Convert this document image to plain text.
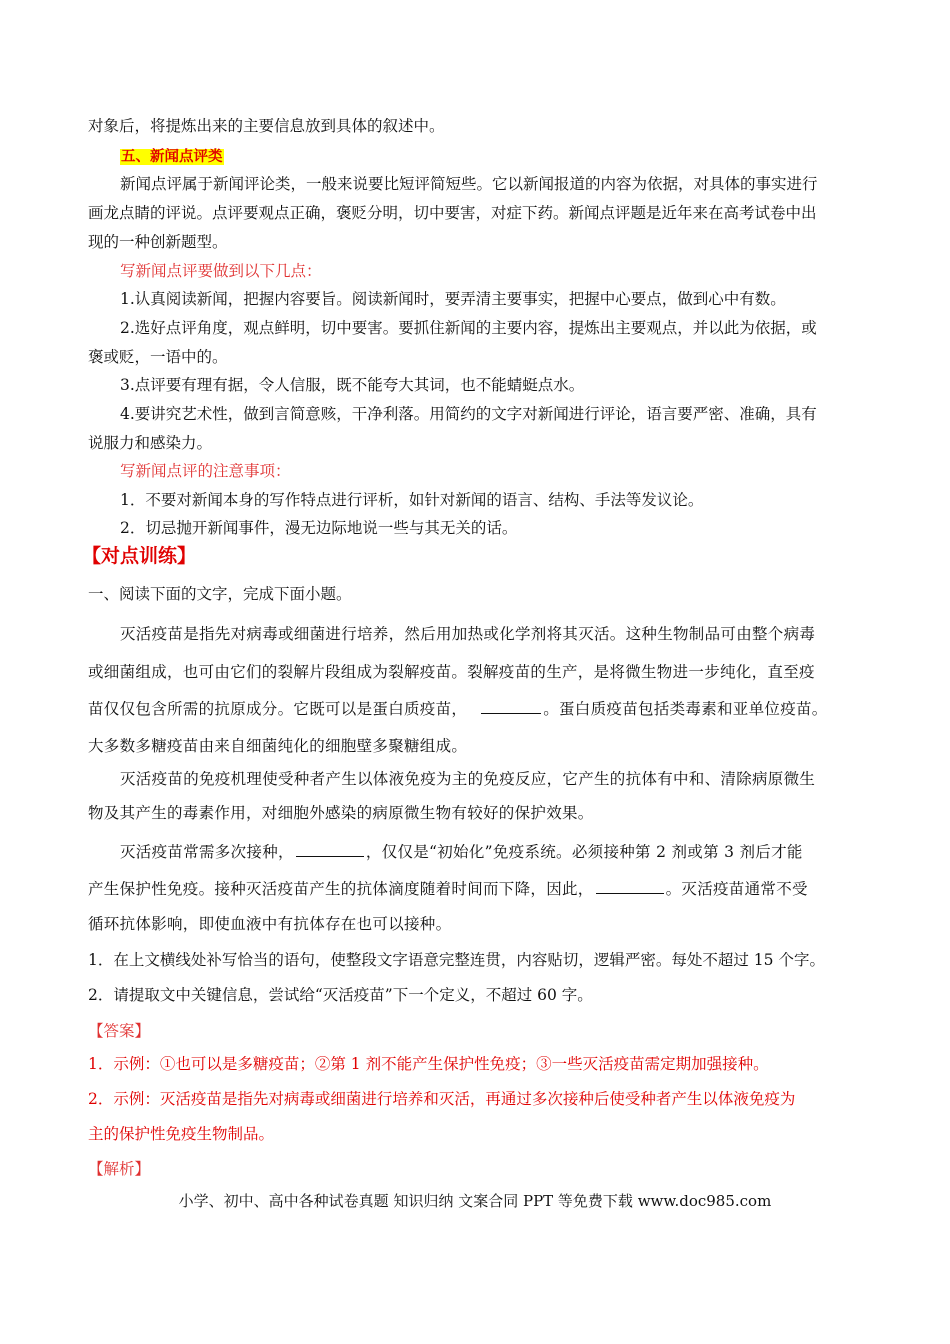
对象后，将提炼出来的主要信息放到具体的叙述中。
五、新闻点评类
新闻点评属于新闻评论类，一般来说要比短评简短些。它以新闻报道的内容为依据，对具体的事实进行
画龙点睛的评说。点评要观点正确，褒贬分明，切中要害，对症下药。新闻点评题是近年来在高考试卷中出
现的一种创新题型。
写新闻点评要做到以下几点：
1.认真阅读新闻，把握内容要旨。阅读新闻时，要弄清主要事实，把握中心要点，做到心中有数。
2.选好点评角度，观点鲜明，切中要害。要抓住新闻的主要内容，提炼出主要观点，并以此为依据，或
褒或贬，一语中的。
3.点评要有理有据，令人信服，既不能夸大其词，也不能蜻蜓点水。
4.要讲究艺术性，做到言简意赅，干净利落。用简约的文字对新闻进行评论，语言要严密、准确，具有
说服力和感染力。
写新闻点评的注意事项：
1．不要对新闻本身的写作特点进行评析，如针对新闻的语言、结构、手法等发议论。
2．切忌抛开新闻事件，漫无边际地说一些与其无关的话。
【对点训练】
一、阅读下面的文字，完成下面小题。
灭活疫苗是指先对病毒或细菌进行培养，然后用加热或化学剂将其灭活。这种生物制品可由整个病毒
或细菌组成，也可由它们的裂解片段组成为裂解疫苗。裂解疫苗的生产，是将微生物进一步纯化，直至疫
苗仅仅包含所需的抗原成分。它既可以是蛋白质疫苗，	。蛋白质疫苗包括类毒素和亚单位疫苗。
大多数多糖疫苗由来自细菌纯化的细胞壁多聚糖组成。
灭活疫苗的免疫机理使受种者产生以体液免疫为主的免疫反应，它产生的抗体有中和、清除病原微生
物及其产生的毒素作用，对细胞外感染的病原微生物有较好的保护效果。
灭活疫苗常需多次接种，	，仅仅是“初始化”免疫系统。必须接种第 2 剂或第 3 剂后才能
产生保护性免疫。接种灭活疫苗产生的抗体滴度随着时间而下降，因此，	。灭活疫苗通常不受
循环抗体影响，即使血液中有抗体存在也可以接种。
1．在上文横线处补写恰当的语句，使整段文字语意完整连贯，内容贴切，逻辑严密。每处不超过 15 个字。
2．请提取文中关键信息，尝试给“灭活疫苗”下一个定义，不超过 60 字。
【答案】
1．示例：①也可以是多糖疫苗；②第 1 剂不能产生保护性免疫；③一些灭活疫苗需定期加强接种。
2．示例：灭活疫苗是指先对病毒或细菌进行培养和灭活，再通过多次接种后使受种者产生以体液免疫为
主的保护性免疫生物制品。
【解析】
小学、初中、高中各种试卷真题 知识归纳 文案合同 PPT 等免费下载 www.doc985.com
